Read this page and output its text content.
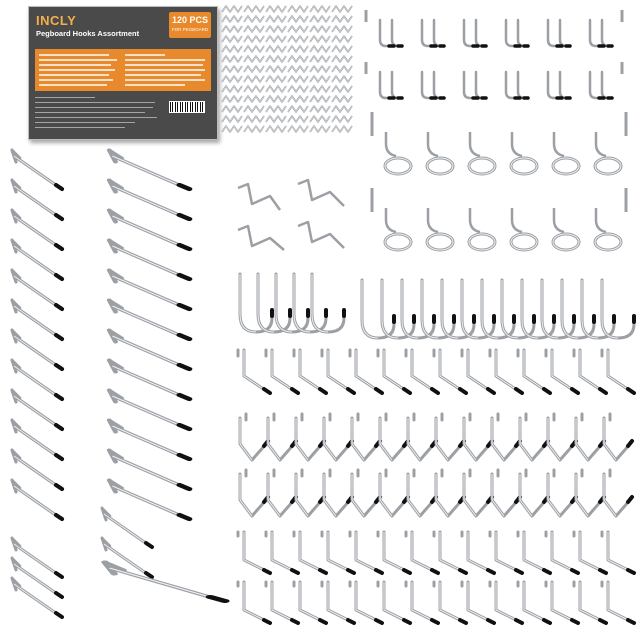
INCLY
Pegboard Hooks Assortment
120 PCS
FOR PEGBOARD
